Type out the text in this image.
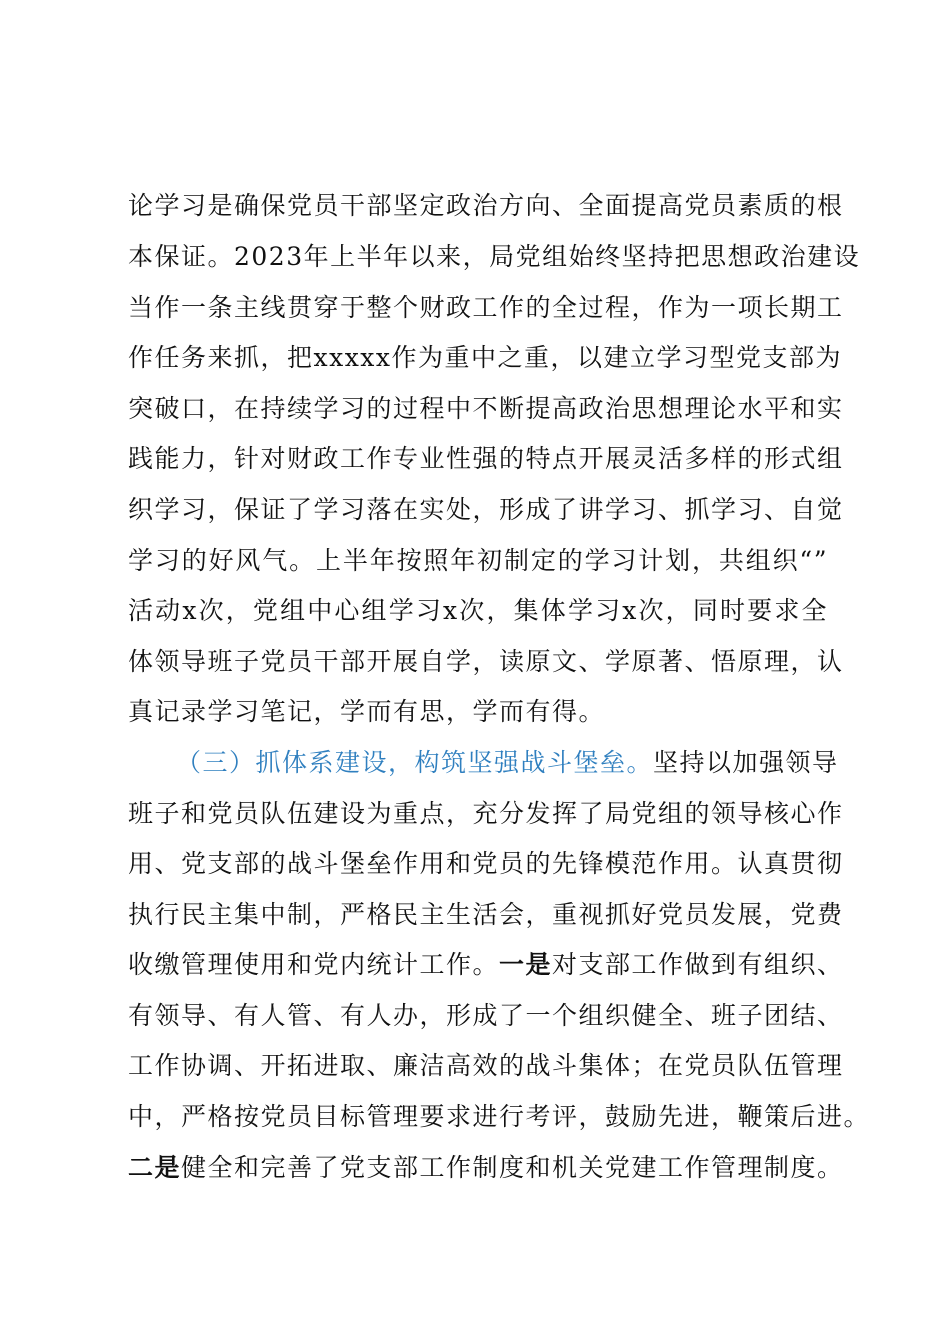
论学习是确保党员干部坚定政治方向、全面提高党员素质的根

本保证。2023年上半年以来，局党组始终坚持把思想政治建设

当作一条主线贯穿于整个财政工作的全过程，作为一项长期工

作任务来抓，把xxxxx作为重中之重，以建立学习型党支部为

突破口，在持续学习的过程中不断提高政治思想理论水平和实

践能力，针对财政工作专业性强的特点开展灵活多样的形式组

织学习，保证了学习落在实处，形成了讲学习、抓学习、自觉

学习的好风气。上半年按照年初制定的学习计划，共组织“”

活动x次，党组中心组学习x次，集体学习x次，同时要求全

体领导班子党员干部开展自学，读原文、学原著、悟原理，认

真记录学习笔记，学而有思，学而有得。

（三）抓体系建设，构筑坚强战斗堡垒。坚持以加强领导

班子和党员队伍建设为重点，充分发挥了局党组的领导核心作

用、党支部的战斗堡垒作用和党员的先锋模范作用。认真贯彻

执行民主集中制，严格民主生活会，重视抓好党员发展，党费

收缴管理使用和党内统计工作。一是对支部工作做到有组织、

有领导、有人管、有人办，形成了一个组织健全、班子团结、

工作协调、开拓进取、廉洁高效的战斗集体；在党员队伍管理

中，严格按党员目标管理要求进行考评，鼓励先进，鞭策后进。

二是健全和完善了党支部工作制度和机关党建工作管理制度。
